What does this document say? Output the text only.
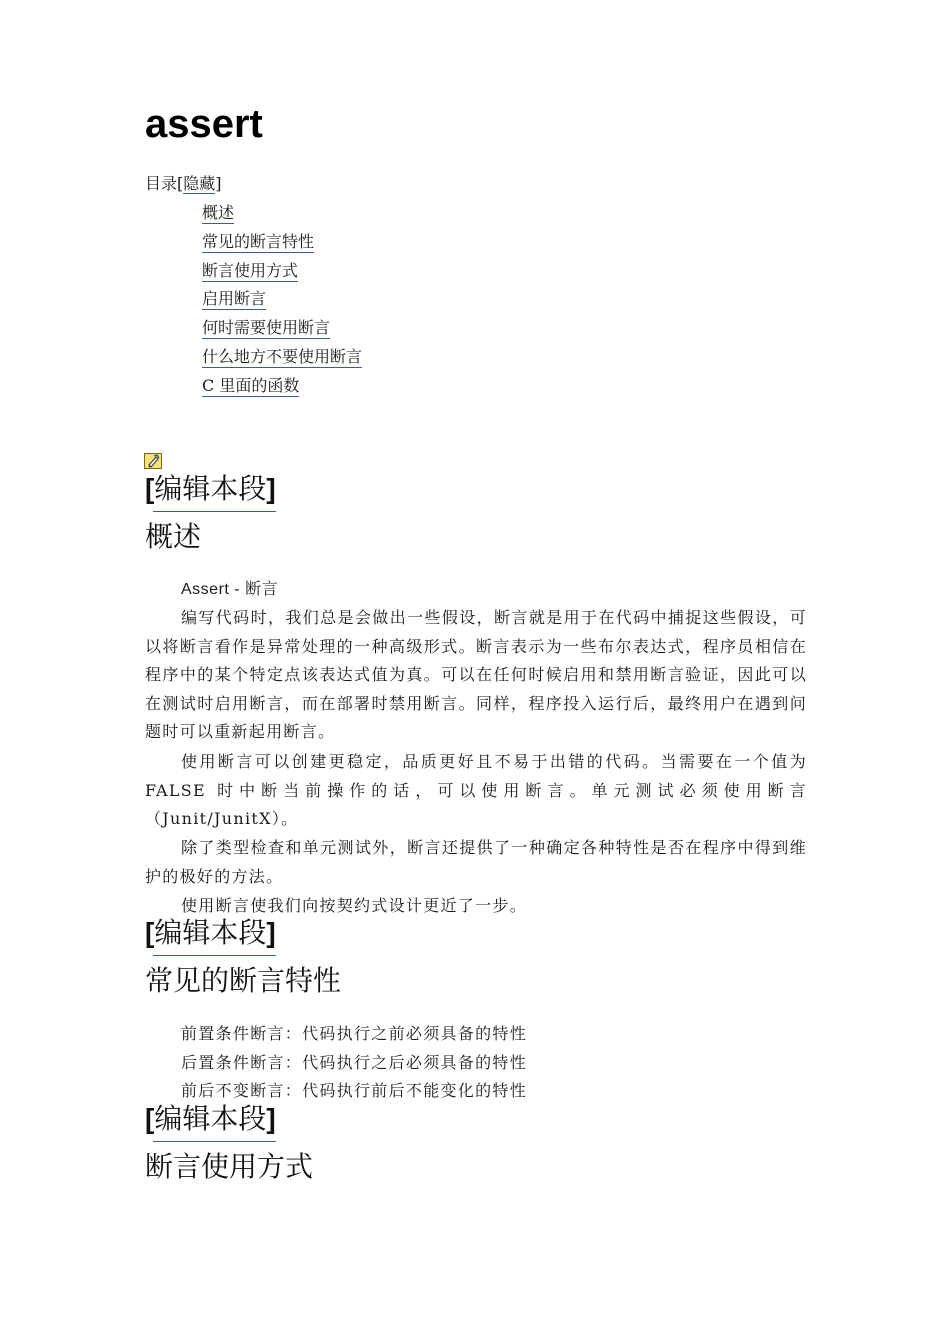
assert
目录[隐藏]
概述
常见的断言特性
断言使用方式
启用断言
何时需要使用断言
什么地方不要使用断言
C 里面的函数
[编辑本段]
概述

Assert - 断言

编写代码时，我们总是会做出一些假设，断言就是用于在代码中捕捉这些假设，可以将断言看作是异常处理的一种高级形式。断言表示为一些布尔表达式，程序员相信在程序中的某个特定点该表达式值为真。可以在任何时候启用和禁用断言验证，因此可以在测试时启用断言，而在部署时禁用断言。同样，程序投入运行后，最终用户在遇到问题时可以重新起用断言。

使用断言可以创建更稳定，品质更好且不易于出错的代码。当需要在一个值为 FALSE 时中断当前操作的话，可以使用断言。单元测试必须使用断言（Junit/JunitX）。

除了类型检查和单元测试外，断言还提供了一种确定各种特性是否在程序中得到维护的极好的方法。

使用断言使我们向按契约式设计更近了一步。

[编辑本段]
常见的断言特性
前置条件断言：代码执行之前必须具备的特性
后置条件断言：代码执行之后必须具备的特性
前后不变断言：代码执行前后不能变化的特性
[编辑本段]
断言使用方式
